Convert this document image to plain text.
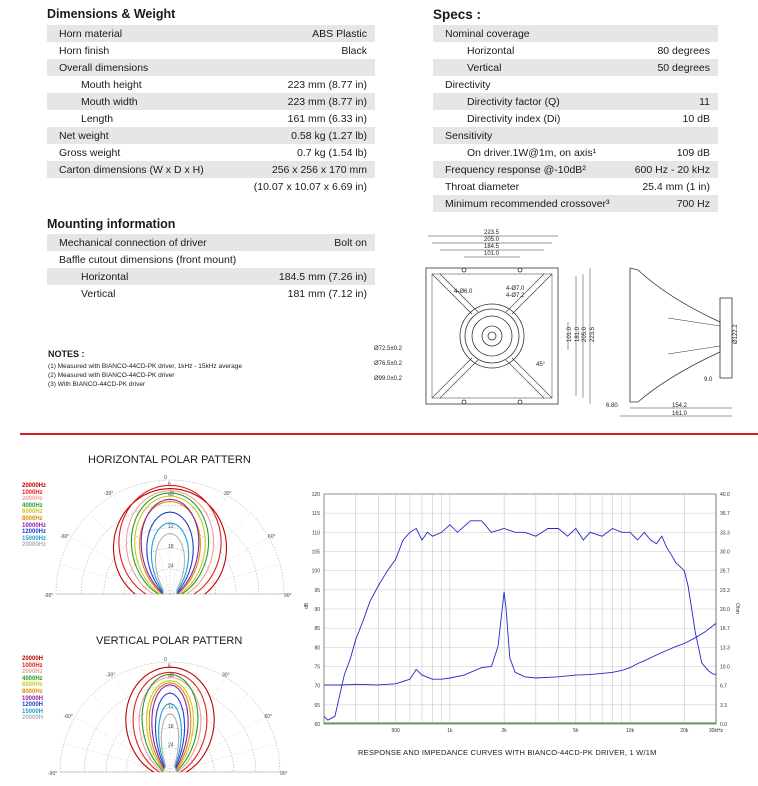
Dimensions & Weight	Specs :
Mounting information
Horn material	ABS Plastic
Horn finish	Black
Overall dimensions	
Mouth height	223 mm (8.77 in)
Mouth width	223 mm (8.77 in)
Length	161 mm (6.33 in)
Net weight	0.58 kg (1.27 lb)
Gross weight	0.7 kg (1.54 lb)
Carton dimensions (W x D x H)	256 x 256 x 170 mm
	(10.07 x 10.07 x 6.69 in)
Nominal coverage	
Horizontal	80 degrees
Vertical	50 degrees
Directivity	
Directivity factor (Q)	11
Directivity index (Di)	10 dB
Sensitivity	
On driver.1W@1m, on axis¹	109 dB
Frequency response @-10dB²	600 Hz - 20 kHz
Throat diameter	25.4 mm (1 in)
Minimum recommended crossover³	700 Hz
Mechanical connection of driver	Bolt on
Baffle cutout dimensions (front mount)	
Horizontal	184.5 mm (7.26 in)
Vertical	181 mm (7.12 in)
NOTES :
(1) Measured with BIANCO-44CD-PK driver, 1kHz - 15kHz average
(2) Measured with BIANCO-44CD-PK driver
(3) With BIANCO-44CD-PK driver
223.5
205.0
184.5
101.0
4-Ø6.0	4-Ø7.0
4-Ø7.2
Ø72.5±0.2
Ø76.5±0.2
Ø99.0±0.2
45°
101.0 181.0 205.0 223.5	Ø122.2
9.0
6.80	154.2
161.0
HORIZONTAL POLAR PATTERN
VERTICAL POLAR PATTERN
20000Hz
1000Hz
2000Hz
4000Hz
6000Hz
8000Hz
10000Hz
12000Hz
15000Hz
20000Hz
20000H
1000Hz
2000Hz
4000Hz
6000Hz
8000Hz
10000H
12000H
15000H
20000H
0
-30°	30°
-60°	60°
-90°	90°
6
dB
12
18
24
0
-30°	30°
-60°	60°
-90°	90°
6
dB
12
18
24
60
65
70
75
80
85
90
95
100
105
110
115
120
0.0
3.3
6.7
10.0
13.3
16.7
20.0
23.3
26.7
30.0
33.3
36.7
40.0
500	1k	2k	5k	10k	20k	30kHz
dB	Ohm
RESPONSE AND IMPEDANCE CURVES WITH BIANCO-44CD-PK DRIVER, 1 W/1M
